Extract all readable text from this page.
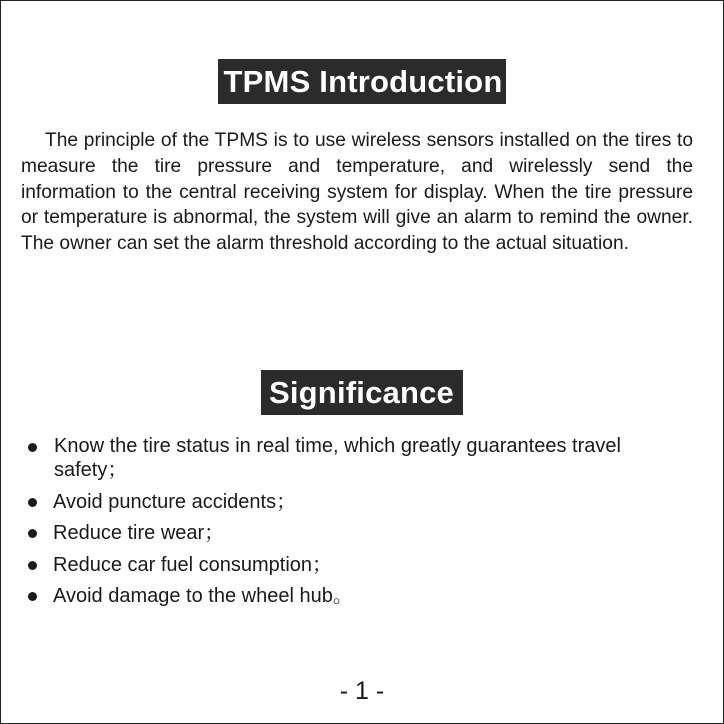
TPMS Introduction

The principle of the TPMS is to use wireless sensors installed on the tires to measure the tire pressure and temperature, and wirelessly send the information to the central receiving system for display. When the tire pressure or temperature is abnormal, the system will give an alarm to remind the owner. The owner can set the alarm threshold according to the actual situation.

Significance
Know the tire status in real time, which greatly guarantees travel safety；
Avoid puncture accidents；
Reduce tire wear；
Reduce car fuel consumption；
Avoid damage to the wheel hub。
- 1 -
